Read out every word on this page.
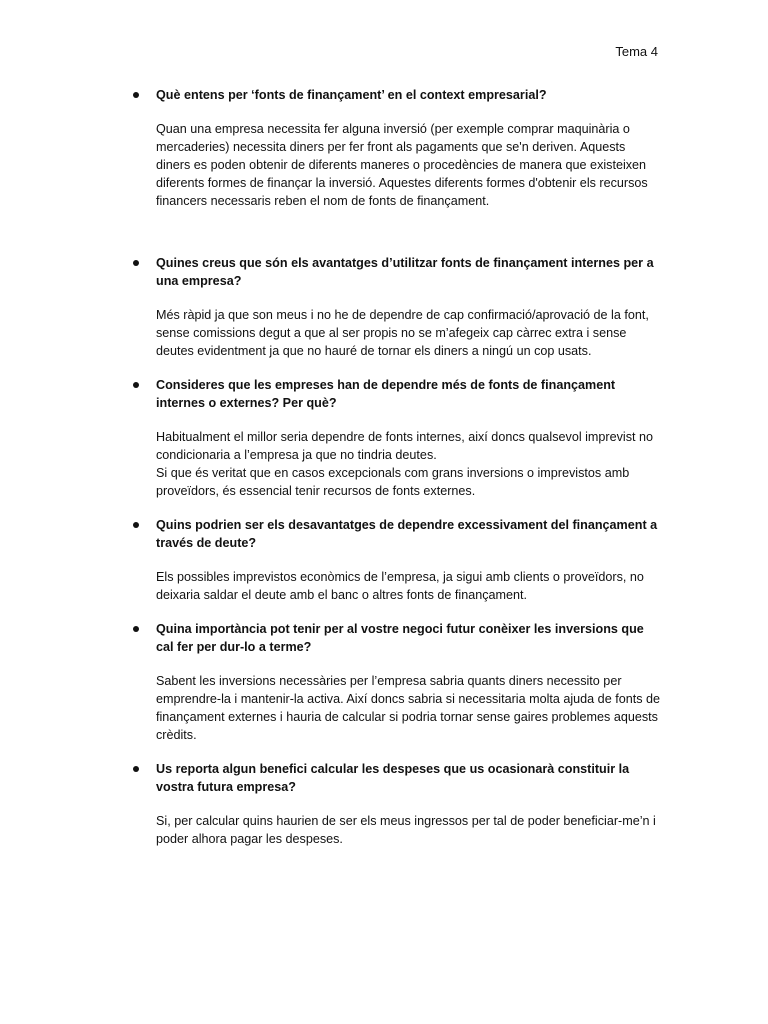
Tema 4

Què entens per ‘fonts de finançament’ en el context empresarial?

Quan una empresa necessita fer alguna inversió (per exemple comprar maquinària o mercaderies) necessita diners per fer front als pagaments que se'n deriven. Aquests diners es poden obtenir de diferents maneres o procedències de manera que existeixen diferents formes de finançar la inversió. Aquestes diferents formes d'obtenir els recursos financers necessaris reben el nom de fonts de finançament.

Quines creus que són els avantatges d’utilitzar fonts de finançament internes per a una empresa?

Més ràpid ja que son meus i no he de dependre de cap confirmació/aprovació de la font, sense comissions degut a que al ser propis no se m’afegeix cap càrrec extra i sense deutes evidentment ja que no hauré de tornar els diners a ningú un cop usats.

Consideres que les empreses han de dependre més de fonts de finançament internes o externes? Per què?

Habitualment el millor seria dependre de fonts internes, així doncs qualsevol imprevist no condicionaria a l’empresa ja que no tindria deutes.
Si que és veritat que en casos excepcionals com grans inversions o imprevistos amb proveïdors, és essencial tenir recursos de fonts externes.

Quins podrien ser els desavantatges de dependre excessivament del finançament a través de deute?

Els possibles imprevistos econòmics de l’empresa, ja sigui amb clients o proveïdors, no deixaria saldar el deute amb el banc o altres fonts de finançament.

Quina importància pot tenir per al vostre negoci futur conèixer les inversions que cal fer per dur-lo a terme?

Sabent les inversions necessàries per l’empresa sabria quants diners necessito per emprendre-la i mantenir-la activa. Així doncs sabria si necessitaria molta ajuda de fonts de finançament externes i hauria de calcular si podria tornar sense gaires problemes aquests crèdits.

Us reporta algun benefici calcular les despeses que us ocasionarà constituir la vostra futura empresa?

Si, per calcular quins haurien de ser els meus ingressos per tal de poder beneficiar-me’n i poder alhora pagar les despeses.
